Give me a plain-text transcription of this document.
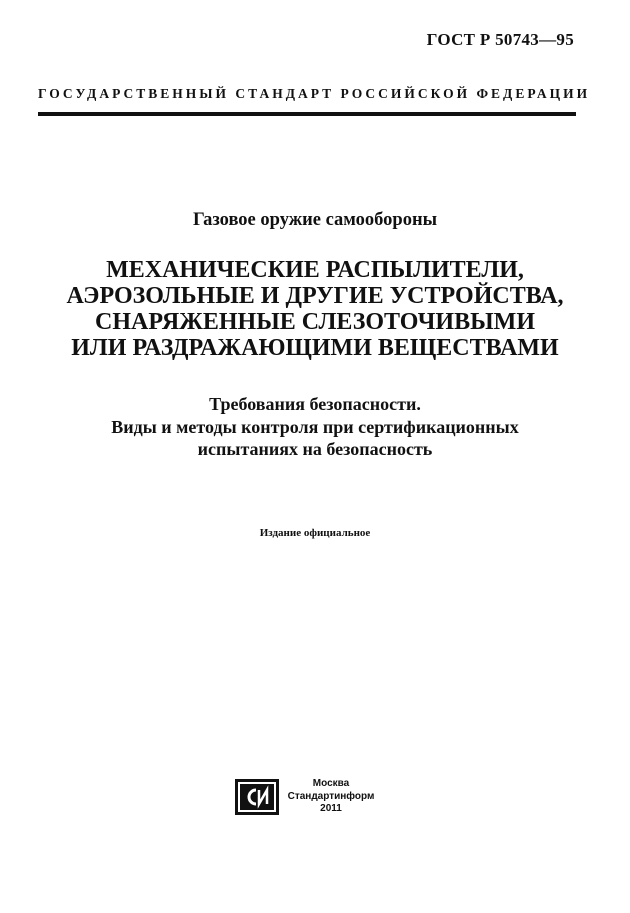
ГОСТ Р 50743—95
ГОСУДАРСТВЕННЫЙ СТАНДАРТ РОССИЙСКОЙ ФЕДЕРАЦИИ
Газовое оружие самообороны
МЕХАНИЧЕСКИЕ РАСПЫЛИТЕЛИ,
АЭРОЗОЛЬНЫЕ И ДРУГИЕ УСТРОЙСТВА,
СНАРЯЖЕННЫЕ СЛЕЗОТОЧИВЫМИ
ИЛИ РАЗДРАЖАЮЩИМИ ВЕЩЕСТВАМИ
Требования безопасности.
Виды и методы контроля при сертификационных
испытаниях на безопасность
Издание официальное
Москва
Стандартинформ
2011
